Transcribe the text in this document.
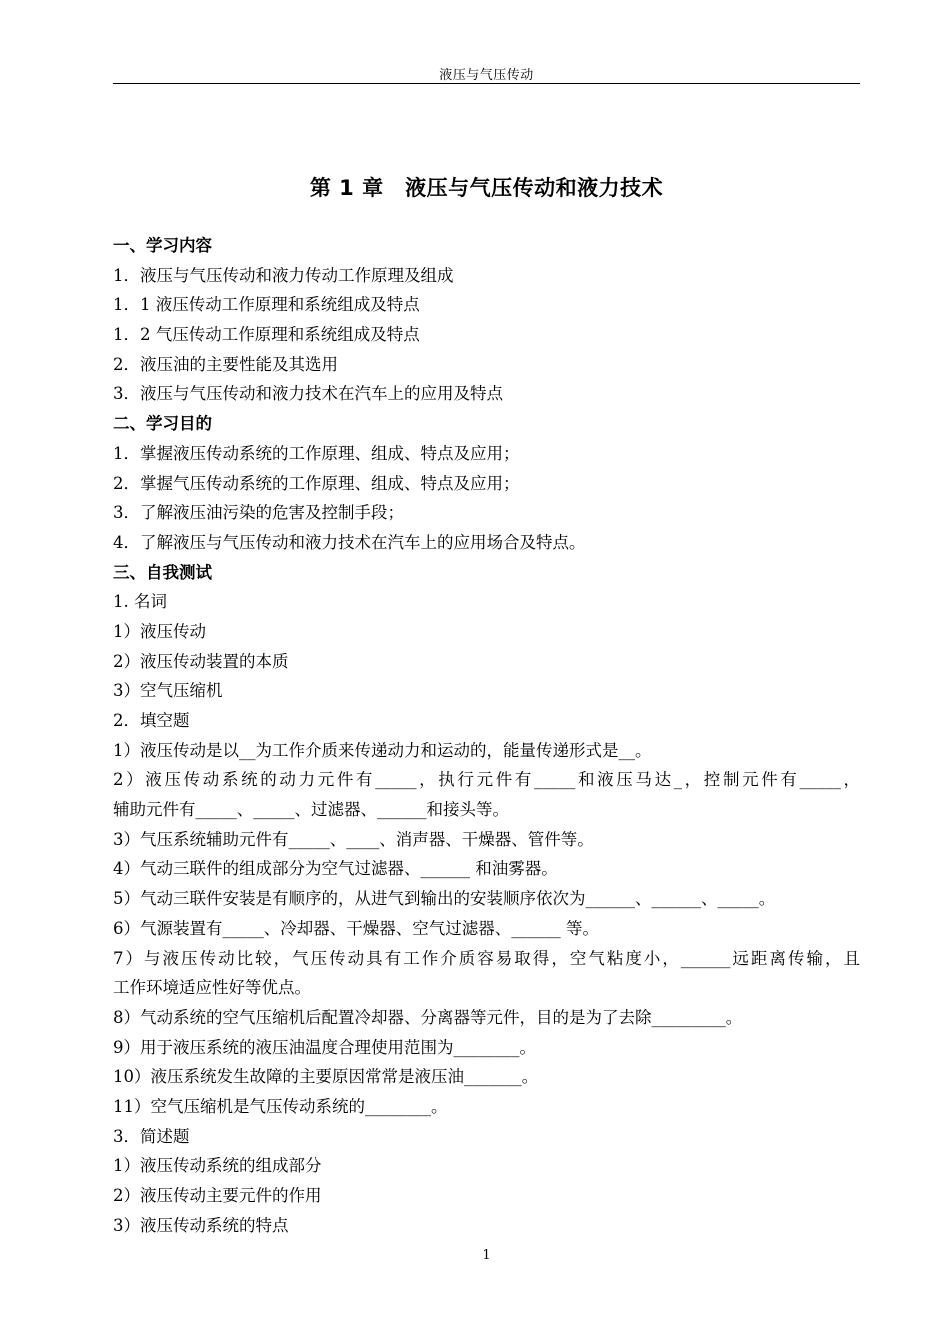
液压与气压传动
第 1 章　液压与气压传动和液力技术
一、学习内容
1．液压与气压传动和液力传动工作原理及组成
1．1 液压传动工作原理和系统组成及特点
1．2 气压传动工作原理和系统组成及特点
2．液压油的主要性能及其选用
3．液压与气压传动和液力技术在汽车上的应用及特点
二、学习目的
1．掌握液压传动系统的工作原理、组成、特点及应用；
2．掌握气压传动系统的工作原理、组成、特点及应用；
3．了解液压油污染的危害及控制手段；
4．了解液压与气压传动和液力技术在汽车上的应用场合及特点。
三、自我测试
1. 名词
1）液压传动
2）液压传动装置的本质
3）空气压缩机
2．填空题
1）液压传动是以__为工作介质来传递动力和运动的，能量传递形式是__。
2）液压传动系统的动力元件有_____，执行元件有_____和液压马达_，控制元件有_____，
辅助元件有_____、_____、过滤器、______和接头等。
3）气压系统辅助元件有_____、____、消声器、干燥器、管件等。
4）气动三联件的组成部分为空气过滤器、______ 和油雾器。
5）气动三联件安装是有顺序的，从进气到输出的安装顺序依次为______、______、_____。
6）气源装置有_____、冷却器、干燥器、空气过滤器、______ 等。
7）与液压传动比较，气压传动具有工作介质容易取得，空气粘度小，______远距离传输，且
工作环境适应性好等优点。
8）气动系统的空气压缩机后配置冷却器、分离器等元件，目的是为了去除_________。
9）用于液压系统的液压油温度合理使用范围为________。
10）液压系统发生故障的主要原因常常是液压油_______。
11）空气压缩机是气压传动系统的________。
3．简述题
1）液压传动系统的组成部分
2）液压传动主要元件的作用
3）液压传动系统的特点
1
